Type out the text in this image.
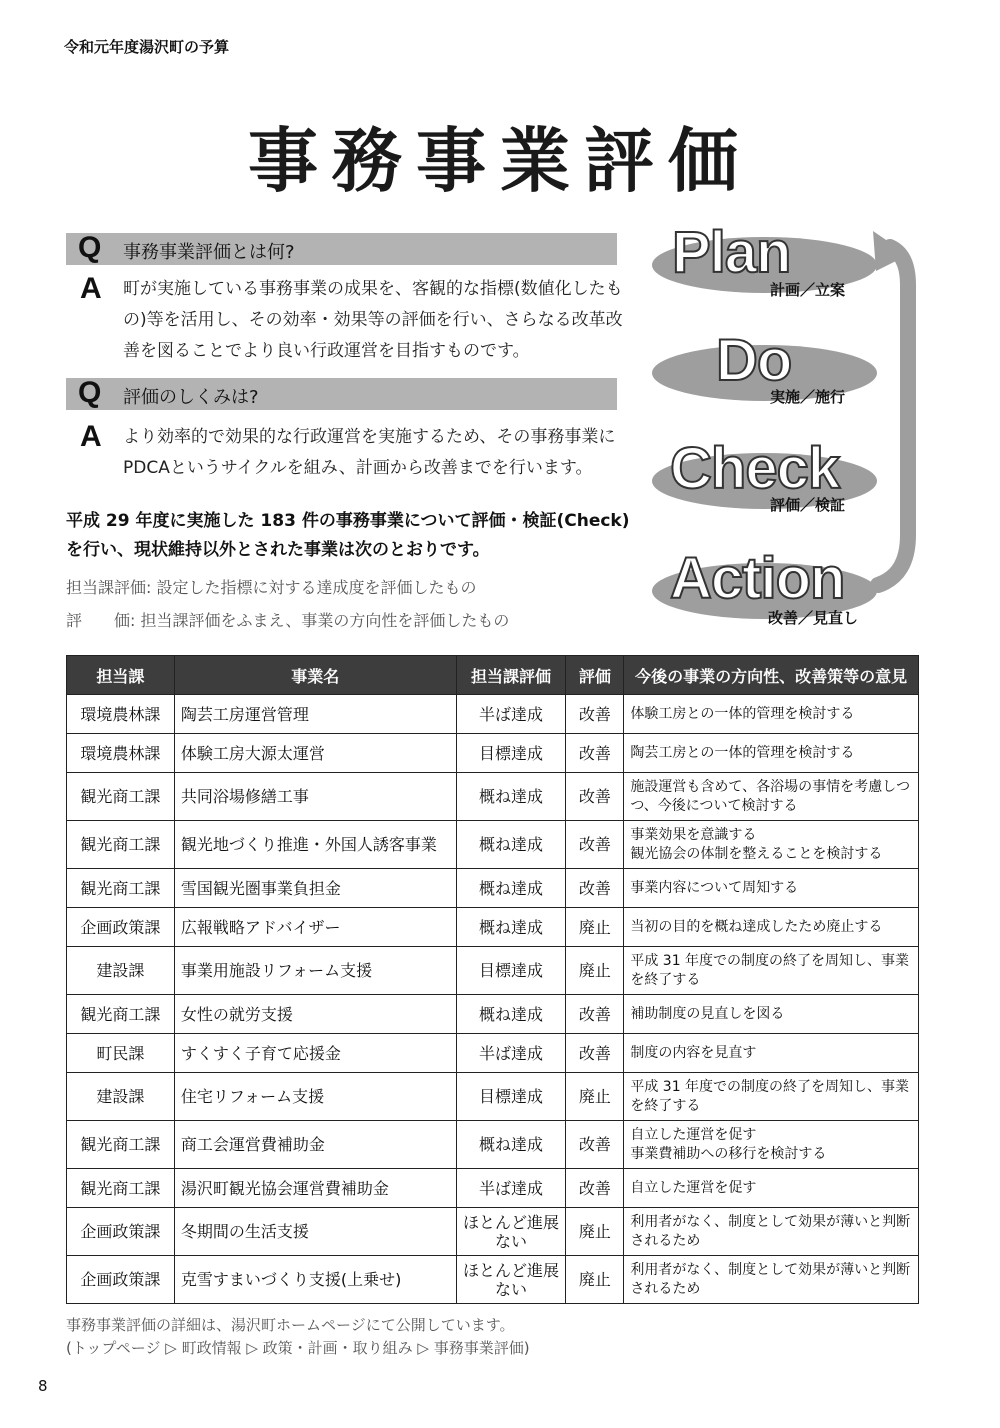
令和元年度湯沢町の予算
事務事業評価
Q 事務事業評価とは何?
A 町が実施している事務事業の成果を、客観的な指標(数値化したもの)等を活用し、その効率・効果等の評価を行い、さらなる改革改善を図ることでより良い行政運営を目指すものです。
Q 評価のしくみは?
A より効率的で効果的な行政運営を実施するため、その事務事業にPDCAというサイクルを組み、計画から改善までを行います。
平成 29 年度に実施した 183 件の事務事業について評価・検証(Check)を行い、現状維持以外とされた事業は次のとおりです。
担当課評価: 設定した指標に対する達成度を評価したもの
評　　価: 担当課評価をふまえ、事業の方向性を評価したもの
Plan
計画／立案
Do
実施／施行
Check
評価／検証
Action
改善／見直し
担当課	事業名	担当課評価	評価	今後の事業の方向性、改善策等の意見
環境農林課	陶芸工房運営管理	半ば達成	改善	体験工房との一体的管理を検討する
環境農林課	体験工房大源太運営	目標達成	改善	陶芸工房との一体的管理を検討する
観光商工課	共同浴場修繕工事	概ね達成	改善	施設運営も含めて、各浴場の事情を考慮しつつ、今後について検討する
観光商工課	観光地づくり推進・外国人誘客事業	概ね達成	改善	事業効果を意識する
観光協会の体制を整えることを検討する
観光商工課	雪国観光圏事業負担金	概ね達成	改善	事業内容について周知する
企画政策課	広報戦略アドバイザー	概ね達成	廃止	当初の目的を概ね達成したため廃止する
建設課	事業用施設リフォーム支援	目標達成	廃止	平成 31 年度での制度の終了を周知し、事業を終了する
観光商工課	女性の就労支援	概ね達成	改善	補助制度の見直しを図る
町民課	すくすく子育て応援金	半ば達成	改善	制度の内容を見直す
建設課	住宅リフォーム支援	目標達成	廃止	平成 31 年度での制度の終了を周知し、事業を終了する
観光商工課	商工会運営費補助金	概ね達成	改善	自立した運営を促す
事業費補助への移行を検討する
観光商工課	湯沢町観光協会運営費補助金	半ば達成	改善	自立した運営を促す
企画政策課	冬期間の生活支援	ほとんど進展ない	廃止	利用者がなく、制度として効果が薄いと判断されるため
企画政策課	克雪すまいづくり支援(上乗せ)	ほとんど進展ない	廃止	利用者がなく、制度として効果が薄いと判断されるため
事務事業評価の詳細は、湯沢町ホームページにて公開しています。
(トップページ ▷ 町政情報 ▷ 政策・計画・取り組み ▷ 事務事業評価)
8
